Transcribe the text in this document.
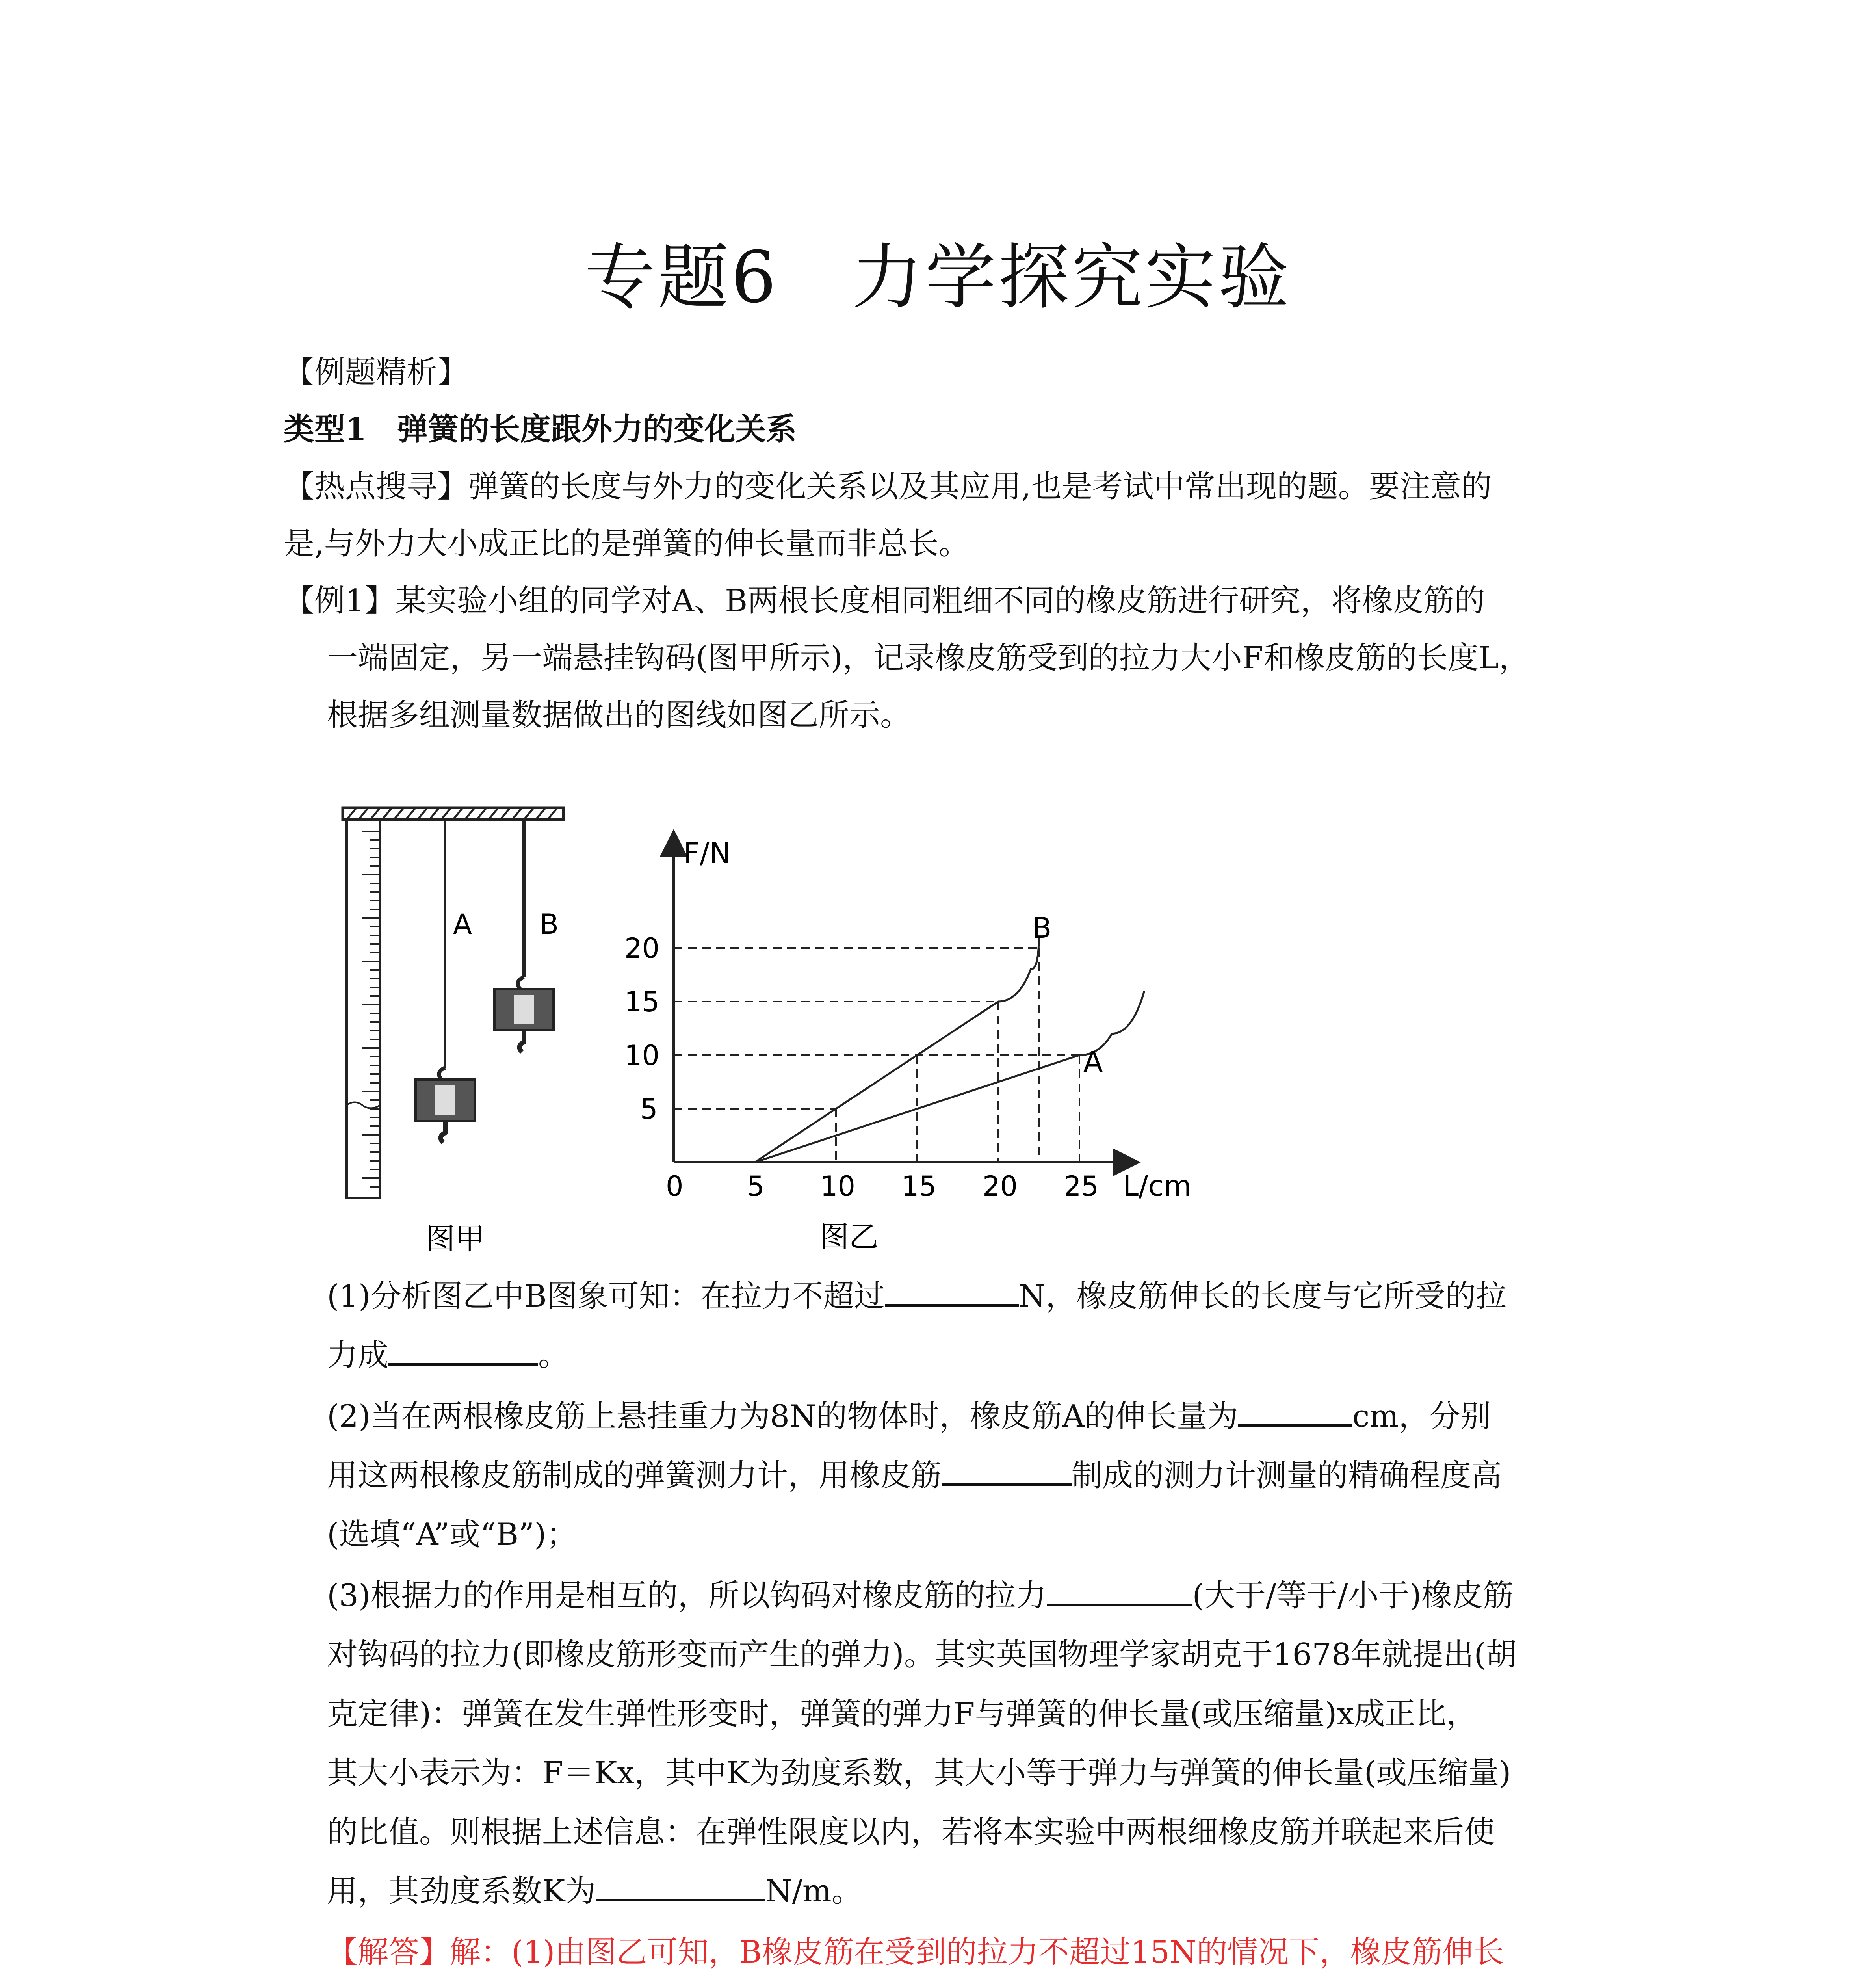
专题6　力学探究实验
【例题精析】
类型1　弹簧的长度跟外力的变化关系
【热点搜寻】弹簧的长度与外力的变化关系以及其应用,也是考试中常出现的题。要注意的
是,与外力大小成正比的是弹簧的伸长量而非总长。
【例1】某实验小组的同学对A、B两根长度相同粗细不同的橡皮筋进行研究，将橡皮筋的
一端固定，另一端悬挂钩码(图甲所示)，记录橡皮筋受到的拉力大小F和橡皮筋的长度L，
根据多组测量数据做出的图线如图乙所示。
A B
图甲
F/N
L/cm
0 5 10 15 20 25
5
10
15
20
A
B
图乙
(1)分析图乙中B图象可知：在拉力不超过	N，橡皮筋伸长的长度与它所受的拉
力成	。
(2)当在两根橡皮筋上悬挂重力为8N的物体时，橡皮筋A的伸长量为	cm，分别
用这两根橡皮筋制成的弹簧测力计，用橡皮筋	制成的测力计测量的精确程度高
(选填“A”或“B”)；
(3)根据力的作用是相互的，所以钩码对橡皮筋的拉力	(大于/等于/小于)橡皮筋
对钩码的拉力(即橡皮筋形变而产生的弹力)。其实英国物理学家胡克于1678年就提出(胡
克定律)：弹簧在发生弹性形变时，弹簧的弹力F与弹簧的伸长量(或压缩量)x成正比，
其大小表示为：F＝Kx，其中K为劲度系数，其大小等于弹力与弹簧的伸长量(或压缩量)
的比值。则根据上述信息：在弹性限度以内，若将本实验中两根细橡皮筋并联起来后使
用，其劲度系数K为	N/m。
【解答】解：(1)由图乙可知，B橡皮筋在受到的拉力不超过15N的情况下，橡皮筋伸长
